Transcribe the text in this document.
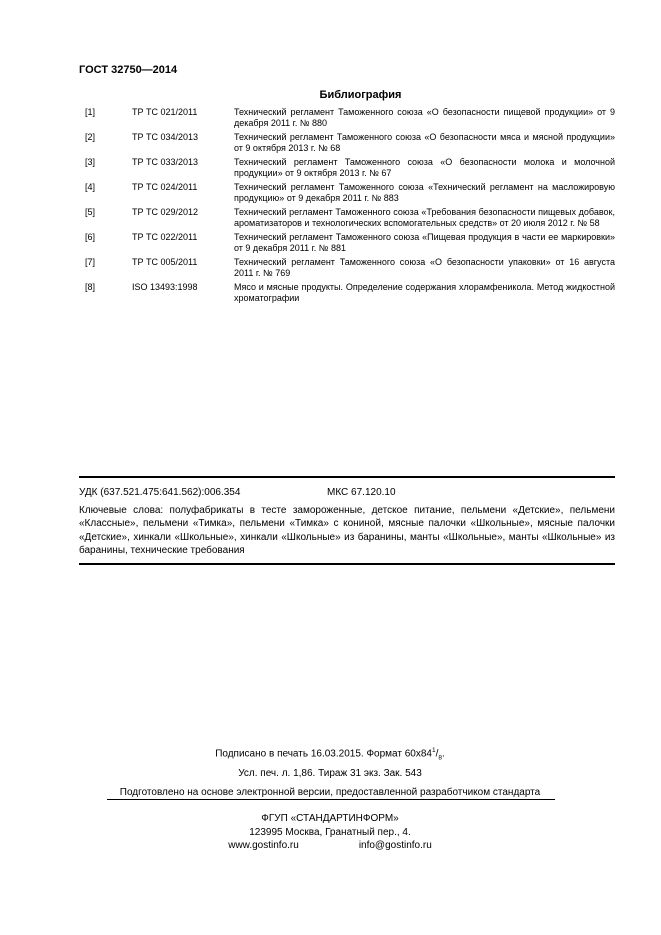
ГОСТ 32750—2014
Библиография
[1]	ТР ТС 021/2011	Технический регламент Таможенного союза «О безопасности пищевой продукции» от 9 декабря 2011 г. № 880
[2]	ТР ТС 034/2013	Технический регламент Таможенного союза «О безопасности мяса и мясной продукции» от 9 октября 2013 г. № 68
[3]	ТР ТС 033/2013	Технический регламент Таможенного союза «О безопасности молока и молочной продукции» от 9 октября 2013 г. № 67
[4]	ТР ТС 024/2011	Технический регламент Таможенного союза «Технический регламент на масложировую продукцию» от 9 декабря 2011 г. № 883
[5]	ТР ТС 029/2012	Технический регламент Таможенного союза «Требования безопасности пищевых добавок, ароматизаторов и технологических вспомогательных средств» от 20 июля 2012 г. № 58
[6]	ТР ТС 022/2011	Технический регламент Таможенного союза «Пищевая продукция в части ее маркировки» от 9 декабря 2011 г. № 881
[7]	ТР ТС 005/2011	Технический регламент Таможенного союза «О безопасности упаковки» от 16 августа 2011 г. № 769
[8]	ISO 13493:1998	Мясо и мясные продукты. Определение содержания хлорамфеникола. Метод жидкостной хроматографии
УДК (637.521.475:641.562):006.354	МКС 67.120.10
Ключевые слова: полуфабрикаты в тесте замороженные, детское питание, пельмени «Детские», пельмени «Классные», пельмени «Тимка», пельмени «Тимка» с кониной, мясные палочки «Школьные», мясные палочки «Детские», хинкали «Школьные», хинкали «Школьные» из баранины, манты «Школьные», манты «Школьные» из баранины, технические требования
Подписано в печать 16.03.2015. Формат $60x84^1/_8$.
Усл. печ. л. 1,86. Тираж 31 экз. Зак. 543
Подготовлено на основе электронной версии, предоставленной разработчиком стандарта
ФГУП «СТАНДАРТИНФОРМ»
123995 Москва, Гранатный пер., 4.
www.gostinfo.ru	info@gostinfo.ru
